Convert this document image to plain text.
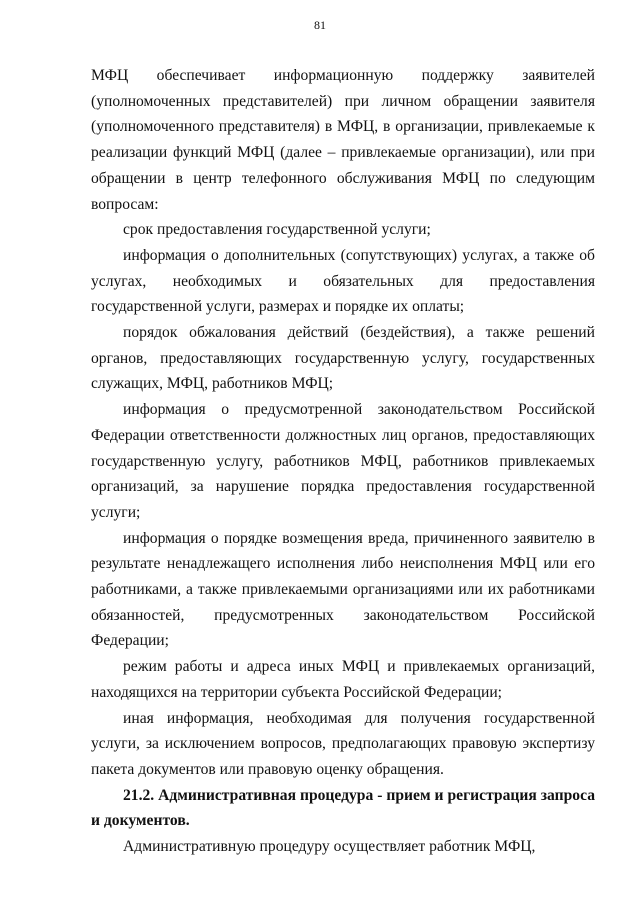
81

МФЦ обеспечивает информационную поддержку заявителей (уполномоченных представителей) при личном обращении заявителя (уполномоченного представителя) в МФЦ, в организации, привлекаемые к реализации функций МФЦ (далее – привлекаемые организации), или при обращении в центр телефонного обслуживания МФЦ по следующим вопросам:

срок предоставления государственной услуги;

информация о дополнительных (сопутствующих) услугах, а также об услугах, необходимых и обязательных для предоставления государственной услуги, размерах и порядке их оплаты;

порядок обжалования действий (бездействия), а также решений органов, предоставляющих государственную услугу, государственных служащих, МФЦ, работников МФЦ;

информация о предусмотренной законодательством Российской Федерации ответственности должностных лиц органов, предоставляющих государственную услугу, работников МФЦ, работников привлекаемых организаций, за нарушение порядка предоставления государственной услуги;

информация о порядке возмещения вреда, причиненного заявителю в результате ненадлежащего исполнения либо неисполнения МФЦ или его работниками, а также привлекаемыми организациями или их работниками обязанностей, предусмотренных законодательством Российской Федерации;

режим работы и адреса иных МФЦ и привлекаемых организаций, находящихся на территории субъекта Российской Федерации;

иная информация, необходимая для получения государственной услуги, за исключением вопросов, предполагающих правовую экспертизу пакета документов или правовую оценку обращения.

21.2. Административная процедура - прием и регистрация запроса и документов.

Административную процедуру осуществляет работник МФЦ,
